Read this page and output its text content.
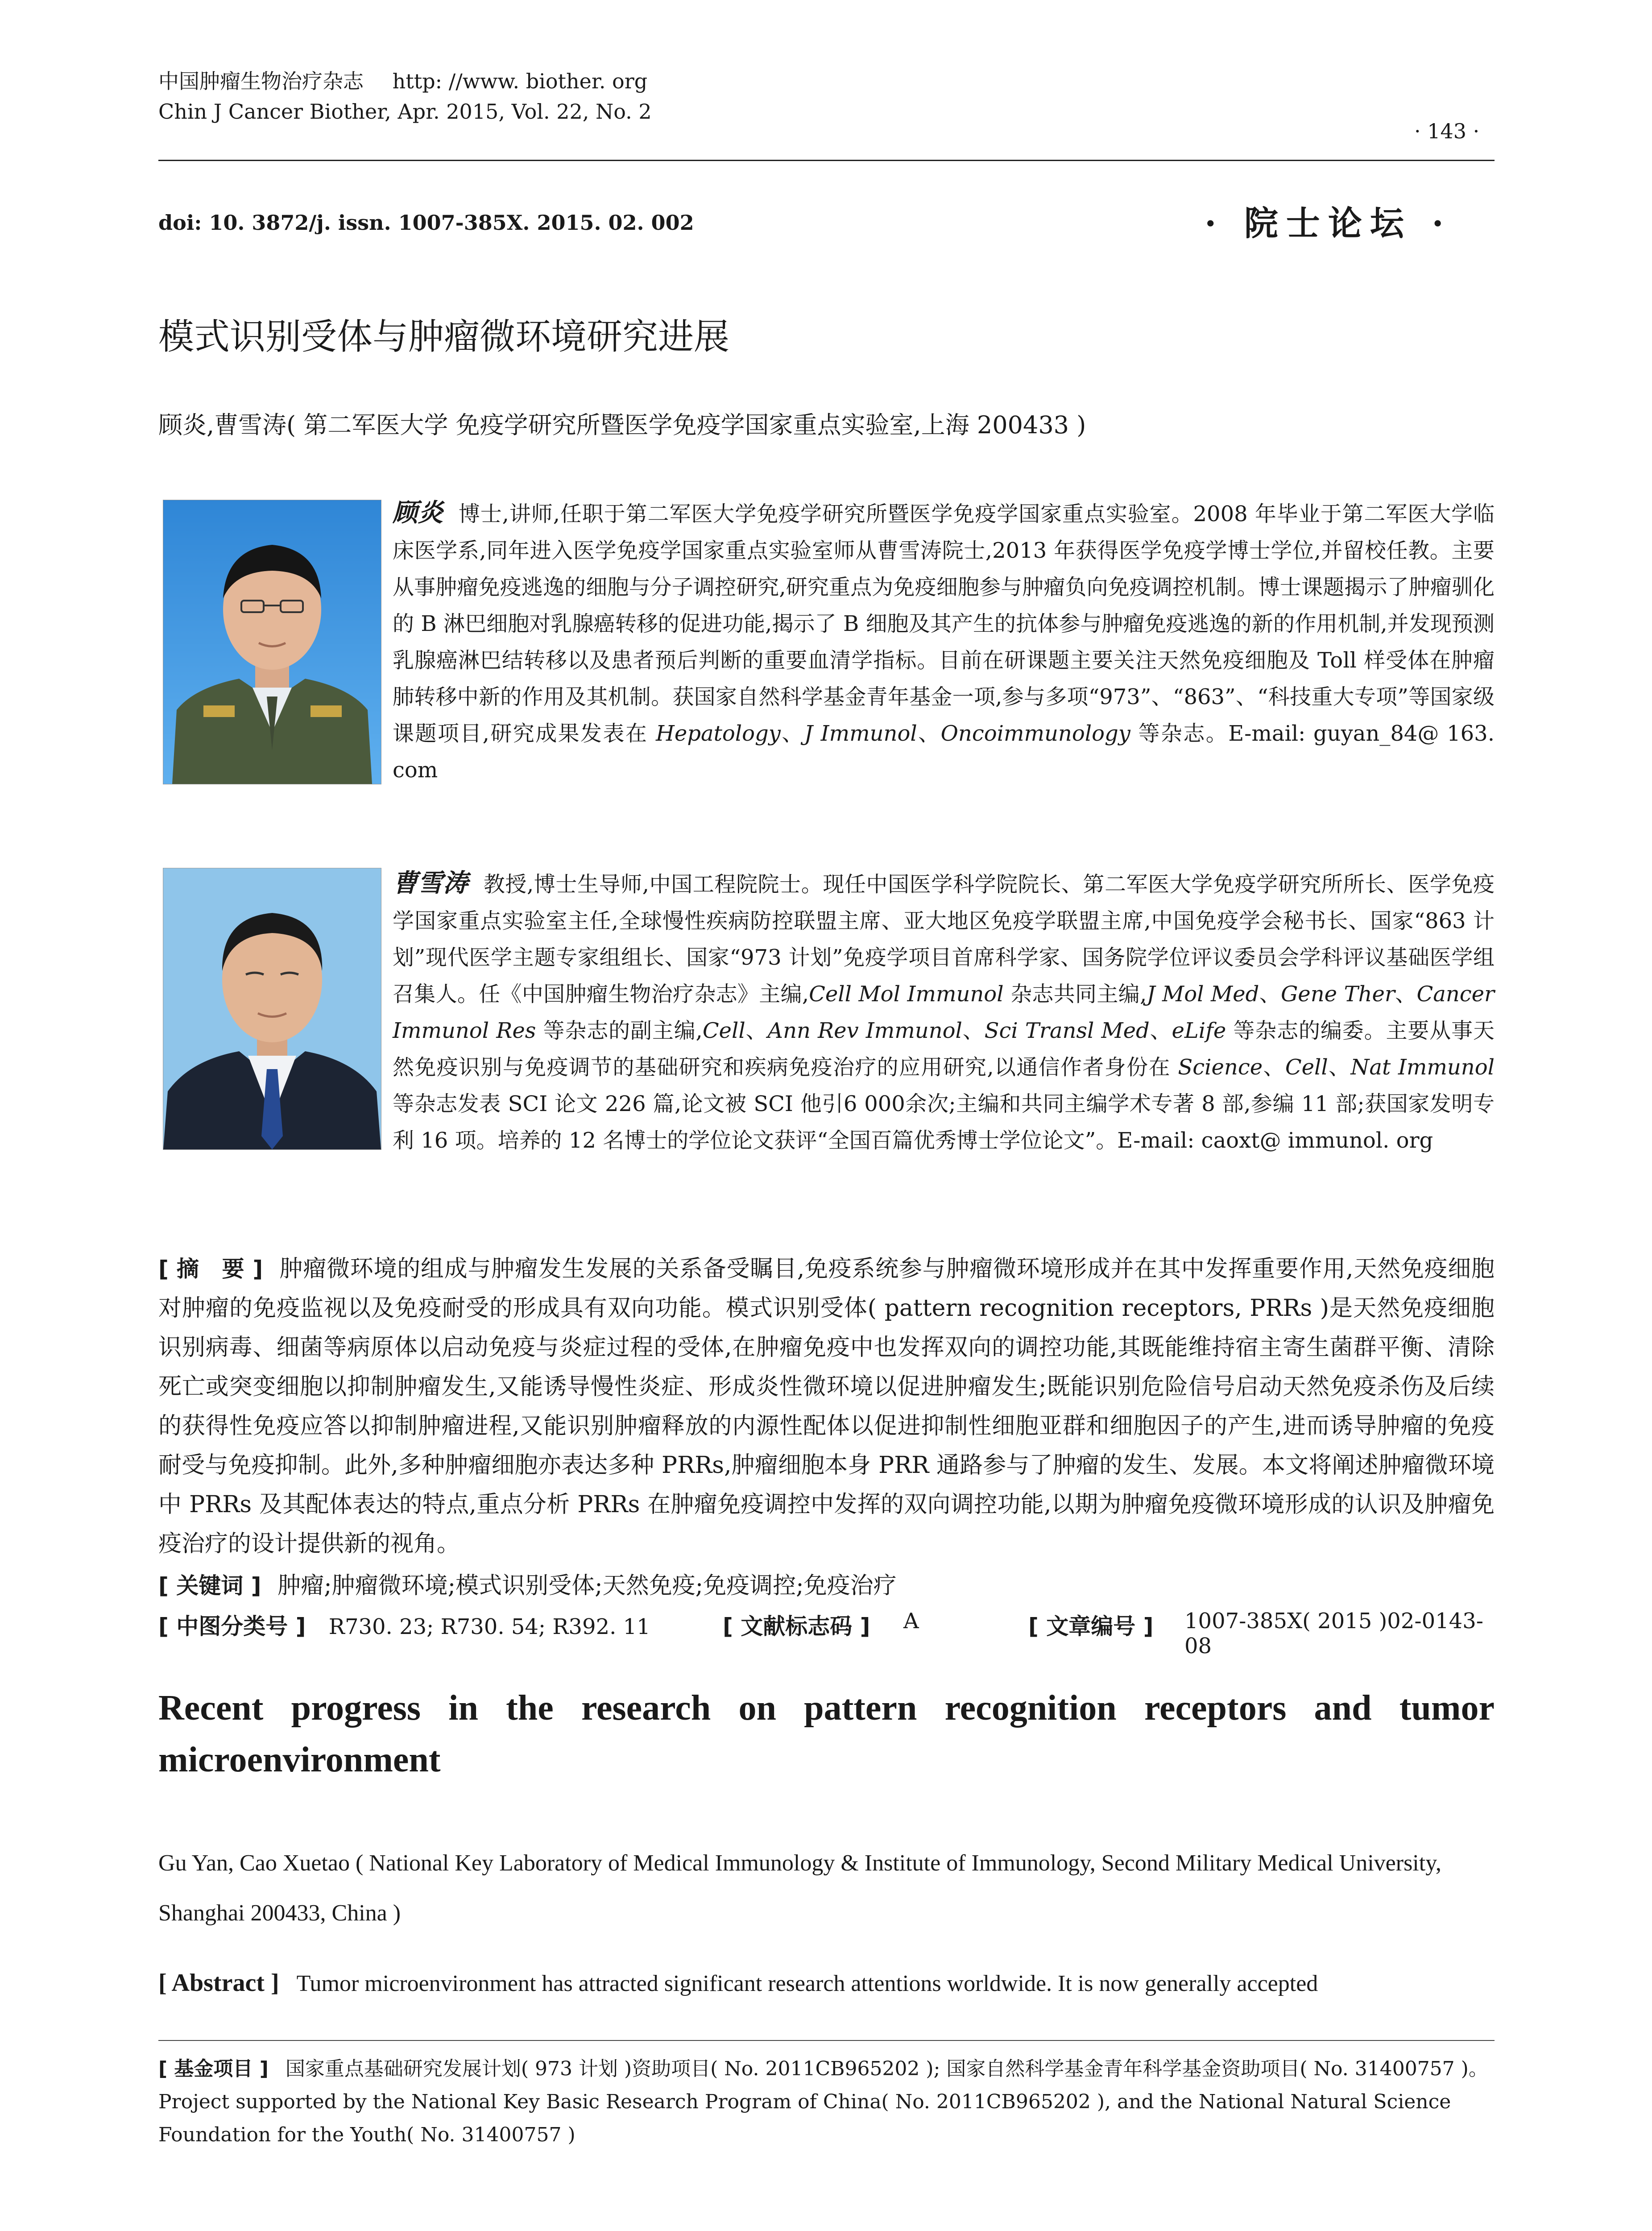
中国肿瘤生物治疗杂志 http: //www. biother. org
Chin J Cancer Biother, Apr. 2015, Vol. 22, No. 2
· 143 ·
doi: 10. 3872/j. issn. 1007-385X. 2015. 02. 002	· 院士论坛 ·
模式识别受体与肿瘤微环境研究进展
顾炎,曹雪涛( 第二军医大学 免疫学研究所暨医学免疫学国家重点实验室,上海 200433 )
顾炎 博士,讲师,任职于第二军医大学免疫学研究所暨医学免疫学国家重点实验室。2008 年毕业于第二军医大学临床医学系,同年进入医学免疫学国家重点实验室师从曹雪涛院士,2013 年获得医学免疫学博士学位,并留校任教。主要从事肿瘤免疫逃逸的细胞与分子调控研究,研究重点为免疫细胞参与肿瘤负向免疫调控机制。博士课题揭示了肿瘤驯化的 B 淋巴细胞对乳腺癌转移的促进功能,揭示了 B 细胞及其产生的抗体参与肿瘤免疫逃逸的新的作用机制,并发现预测乳腺癌淋巴结转移以及患者预后判断的重要血清学指标。目前在研课题主要关注天然免疫细胞及 Toll 样受体在肿瘤肺转移中新的作用及其机制。获国家自然科学基金青年基金一项,参与多项“973”、“863”、“科技重大专项”等国家级课题项目,研究成果发表在 Hepatology、J Immunol、Oncoimmunology 等杂志。E-mail: guyan_84@ 163. com
曹雪涛 教授,博士生导师,中国工程院院士。现任中国医学科学院院长、第二军医大学免疫学研究所所长、医学免疫学国家重点实验室主任,全球慢性疾病防控联盟主席、亚大地区免疫学联盟主席,中国免疫学会秘书长、国家“863 计划”现代医学主题专家组组长、国家“973 计划”免疫学项目首席科学家、国务院学位评议委员会学科评议基础医学组召集人。任《中国肿瘤生物治疗杂志》主编,Cell Mol Immunol 杂志共同主编,J Mol Med、Gene Ther、Cancer Immunol Res 等杂志的副主编,Cell、Ann Rev Immunol、Sci Transl Med、eLife 等杂志的编委。主要从事天然免疫识别与免疫调节的基础研究和疾病免疫治疗的应用研究,以通信作者身份在 Science、Cell、Nat Immunol 等杂志发表 SCI 论文 226 篇,论文被 SCI 他引6 000余次;主编和共同主编学术专著 8 部,参编 11 部;获国家发明专利 16 项。培养的 12 名博士的学位论文获评“全国百篇优秀博士学位论文”。E-mail: caoxt@ immunol. org
[ 摘　要 ] 肿瘤微环境的组成与肿瘤发生发展的关系备受瞩目,免疫系统参与肿瘤微环境形成并在其中发挥重要作用,天然免疫细胞对肿瘤的免疫监视以及免疫耐受的形成具有双向功能。模式识别受体( pattern recognition receptors, PRRs )是天然免疫细胞识别病毒、细菌等病原体以启动免疫与炎症过程的受体,在肿瘤免疫中也发挥双向的调控功能,其既能维持宿主寄生菌群平衡、清除死亡或突变细胞以抑制肿瘤发生,又能诱导慢性炎症、形成炎性微环境以促进肿瘤发生;既能识别危险信号启动天然免疫杀伤及后续的获得性免疫应答以抑制肿瘤进程,又能识别肿瘤释放的内源性配体以促进抑制性细胞亚群和细胞因子的产生,进而诱导肿瘤的免疫耐受与免疫抑制。此外,多种肿瘤细胞亦表达多种 PRRs,肿瘤细胞本身 PRR 通路参与了肿瘤的发生、发展。本文将阐述肿瘤微环境中 PRRs 及其配体表达的特点,重点分析 PRRs 在肿瘤免疫调控中发挥的双向调控功能,以期为肿瘤免疫微环境形成的认识及肿瘤免疫治疗的设计提供新的视角。
[ 关键词 ] 肿瘤;肿瘤微环境;模式识别受体;天然免疫;免疫调控;免疫治疗
[ 中图分类号 ] R730. 23; R730. 54; R392. 11	[ 文献标志码 ] A	[ 文章编号 ] 1007-385X( 2015 )02-0143-08
Recent progress in the research on pattern recognition receptors and tumor microenvironment
Gu Yan, Cao Xuetao ( National Key Laboratory of Medical Immunology & Institute of Immunology, Second Military Medical University, Shanghai 200433, China )
[ Abstract ] Tumor microenvironment has attracted significant research attentions worldwide. It is now generally accepted
[ 基金项目 ] 国家重点基础研究发展计划( 973 计划 )资助项目( No. 2011CB965202 ); 国家自然科学基金青年科学基金资助项目( No. 31400757 )。Project supported by the National Key Basic Research Program of China( No. 2011CB965202 ), and the National Natural Science Foundation for the Youth( No. 31400757 )
